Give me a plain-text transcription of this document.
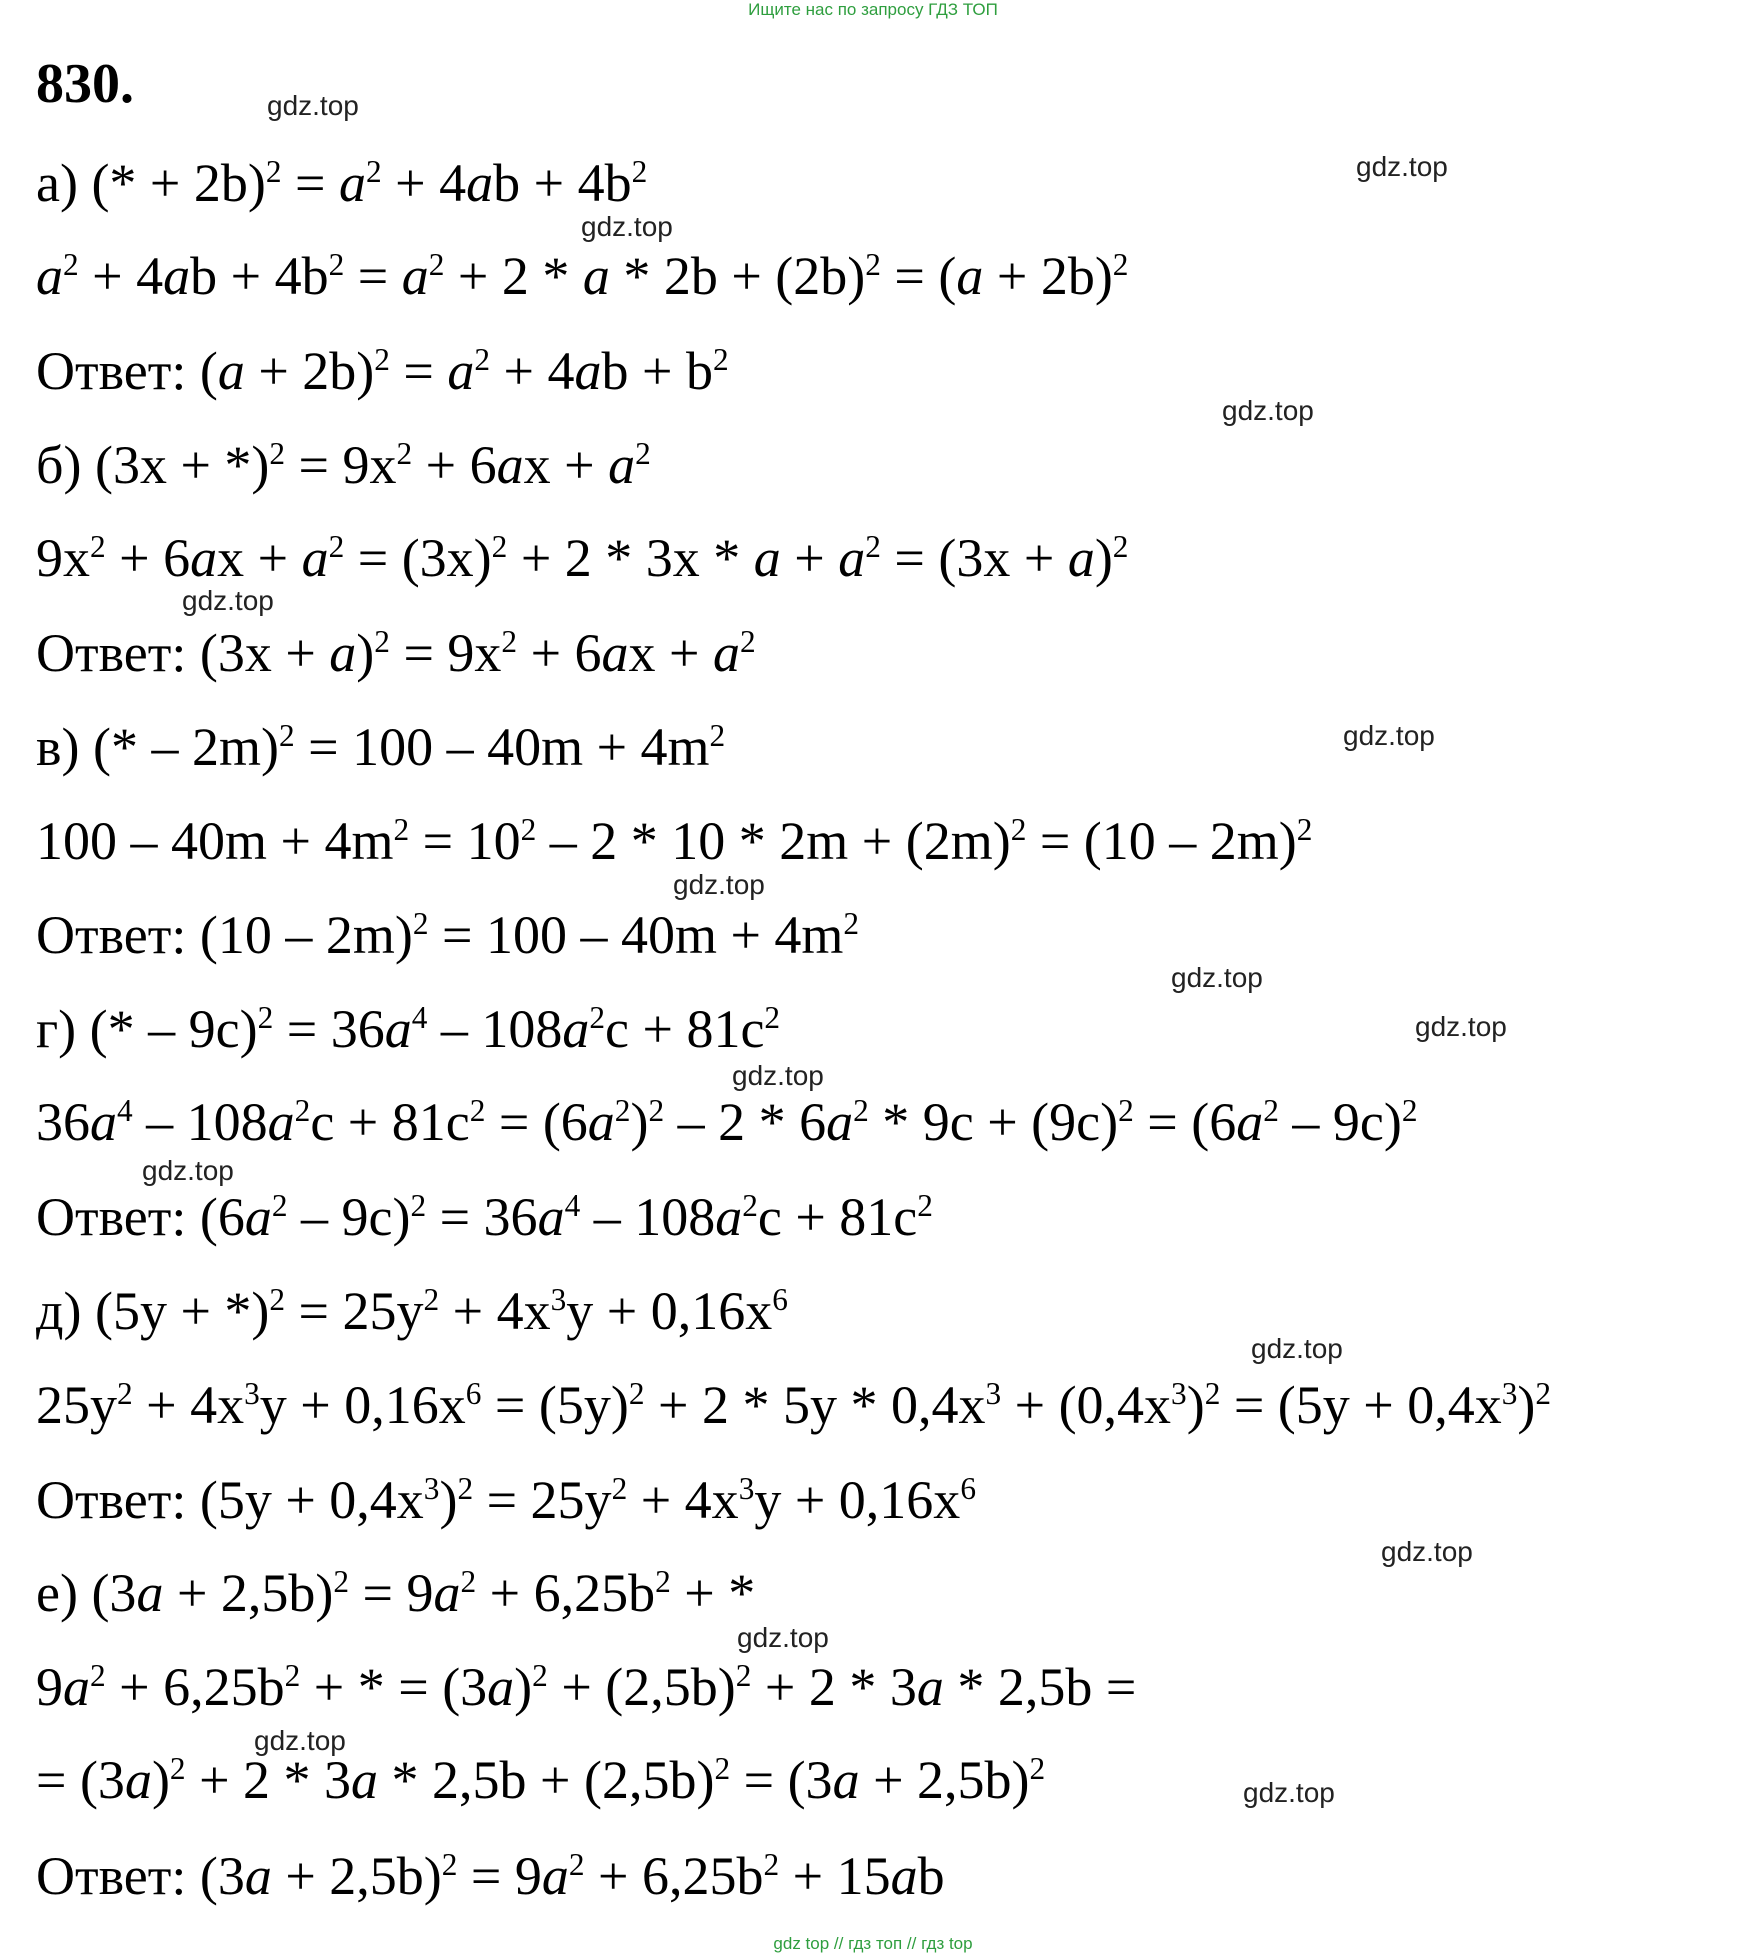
Ищите нас по запросу ГДЗ ТОП
830.
а) (* + $2b)^2 = a^2 + 4ab + 4b^2$
$a^2 + 4ab + 4b^2 = a^2 + 2 * a * 2b + (2b)^2 = (a + 2b)^2$
Ответ: $(a + 2b)^2 = a^2 + 4ab + b^2$
б) $(3x + *)^2 = 9x^2 + 6ax + a^2$
$9x^2 + 6ax + a^2 = (3x)^2 + 2 * 3x * a + a^2 = (3x + a)^2$
Ответ: $(3x + a)^2 = 9x^2 + 6ax + a^2$
в) (* – $2m)^2 = 100 - 40m + 4m^2$
$100 - 40m + 4m^2 = 10^2 - 2 * 10 * 2m + (2m)^2 = (10 - 2m)^2$
Ответ: $(10 - 2m)^2 = 100 - 40m + 4m^2$
г) (* – $9c)^2 = 36a^4 - 108a^2c + 81c^2$
$36a^4 - 108a^2c + 81c^2 = (6a^2)^2 - 2 * 6a^2 * 9c + (9c)^2 = (6a^2 - 9c)^2$
Ответ: $(6a^2 - 9c)^2 = 36a^4 - 108a^2c + 81c^2$
д) $(5y + *)^2 = 25y^2 + 4x^3y + 0,16x^6$
$25y^2 + 4x^3y + 0,16x^6 = (5y)^2 + 2 * 5y * 0,4x^3 + (0,4x^3)^2 = (5y + 0,4x^3)^2$
Ответ: $(5y + 0,4x^3)^2 = 25y^2 + 4x^3y + 0,16x^6$
е) $(3a + 2,5b)^2 = 9a^2 + 6,25b^2$ + *
$9a^2 + 6,25b^2$ + * = $(3a)^2 + (2,5b)^2 + 2 * 3a * 2,5b$ =
= $(3a)^2 + 2 * 3a * 2,5b + (2,5b)^2 = (3a + 2,5b)^2$
Ответ: $(3a + 2,5b)^2 = 9a^2 + 6,25b^2 + 15ab$
gdz.top
gdz.top
gdz.top
gdz.top
gdz.top
gdz.top
gdz.top
gdz.top
gdz.top
gdz.top
gdz.top
gdz.top
gdz.top
gdz.top
gdz.top
gdz.top
gdz top // гдз топ // гдз top
